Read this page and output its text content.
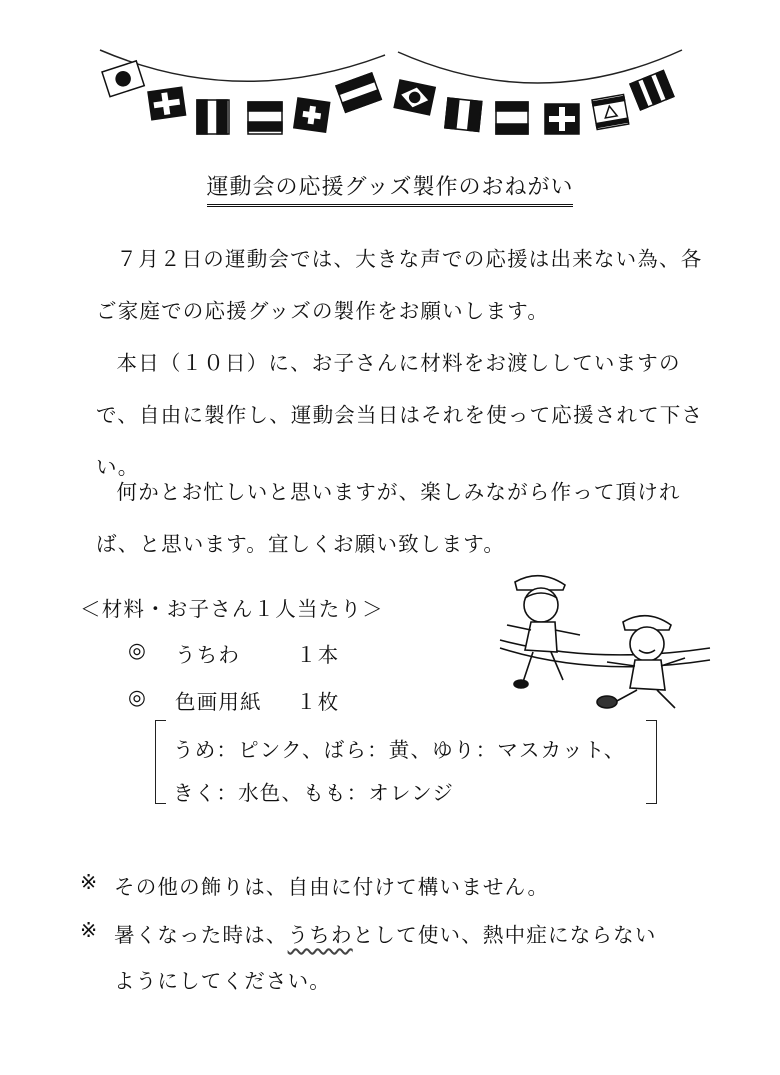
運動会の応援グッズ製作のおねがい

７月２日の運動会では、大きな声での応援は出来ない為、各ご家庭での応援グッズの製作をお願いします。

本日（１０日）に、お子さんに材料をお渡ししていますので、自由に製作し、運動会当日はそれを使って応援されて下さい。

何かとお忙しいと思いますが、楽しみながら作って頂ければ、と思います。宜しくお願い致します。

＜材料・お子さん１人当たり＞
◎ うちわ	１本
◎ 色画用紙 １枚
うめ：ピンク、ばら：黄、ゆり：マスカット、
きく：水色、もも：オレンジ
※ その他の飾りは、自由に付けて構いません。
※ 暑くなった時は、うちわとして使い、熱中症にならない
ようにしてください。
